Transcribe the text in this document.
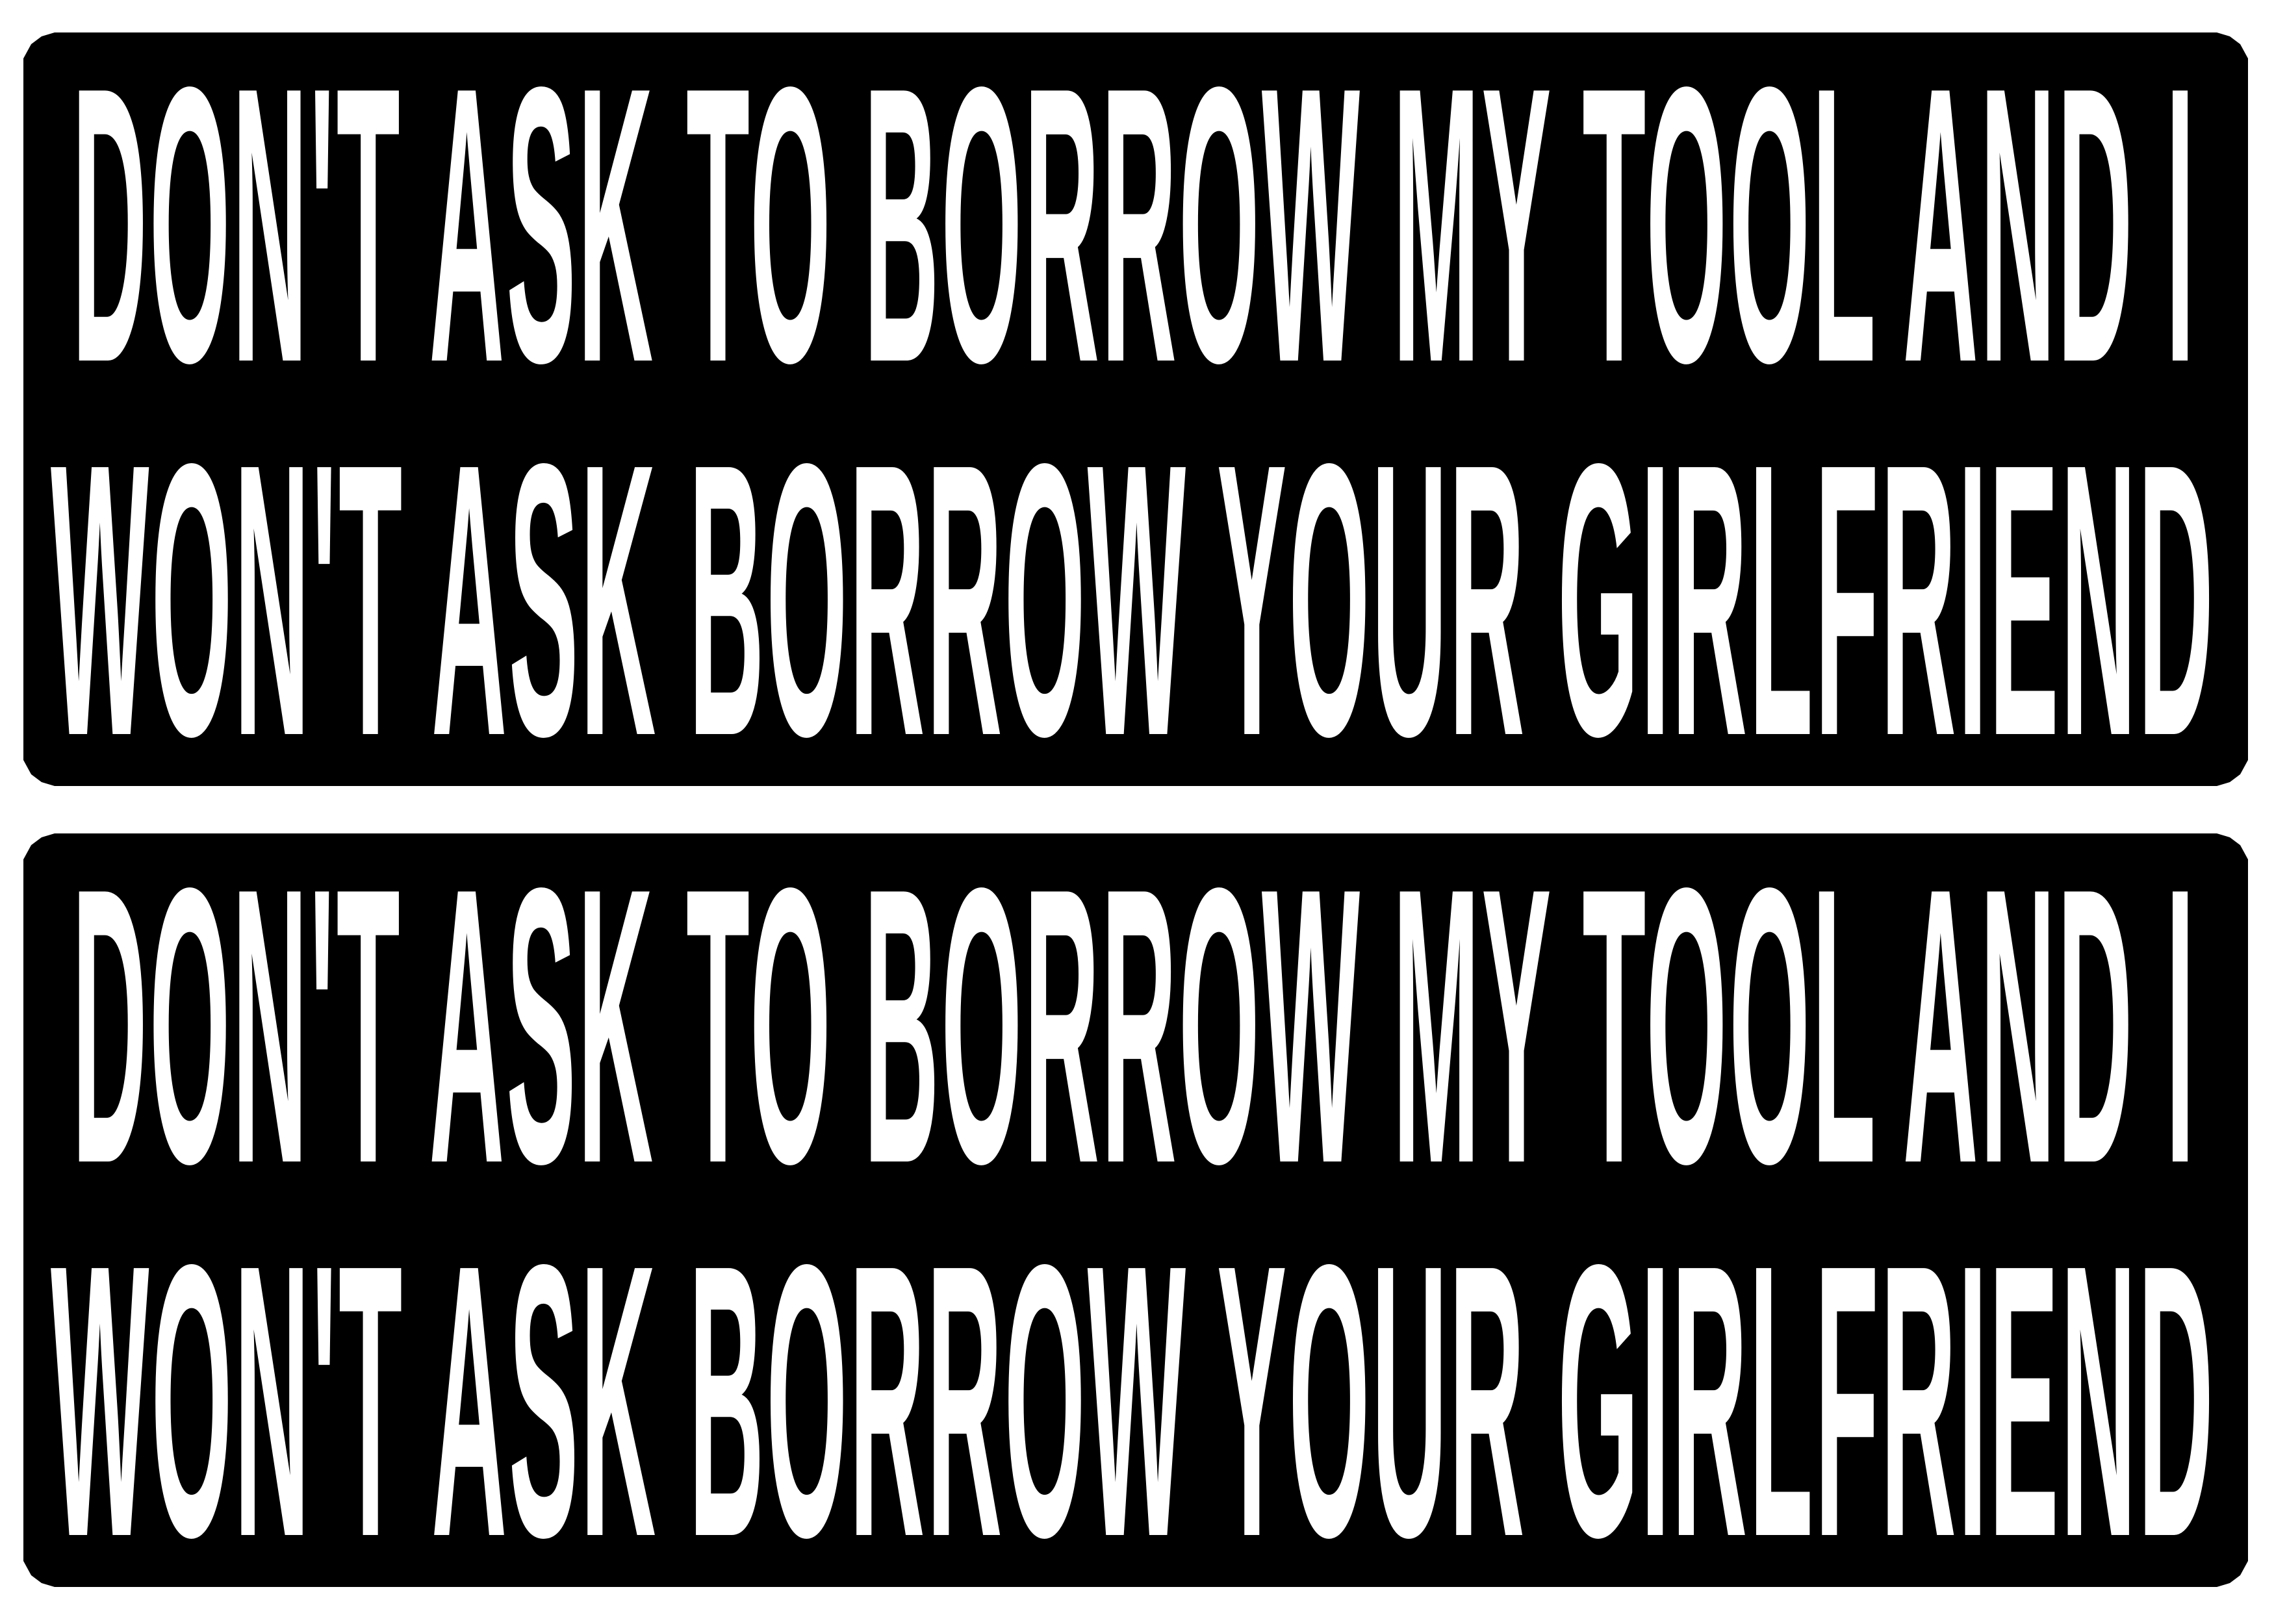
DON'T ASK TO BORROW MY TOOL AND I
WON'T ASK BORROW YOUR GIRLFRIEND
DON'T ASK TO BORROW MY TOOL AND I
WON'T ASK BORROW YOUR GIRLFRIEND
